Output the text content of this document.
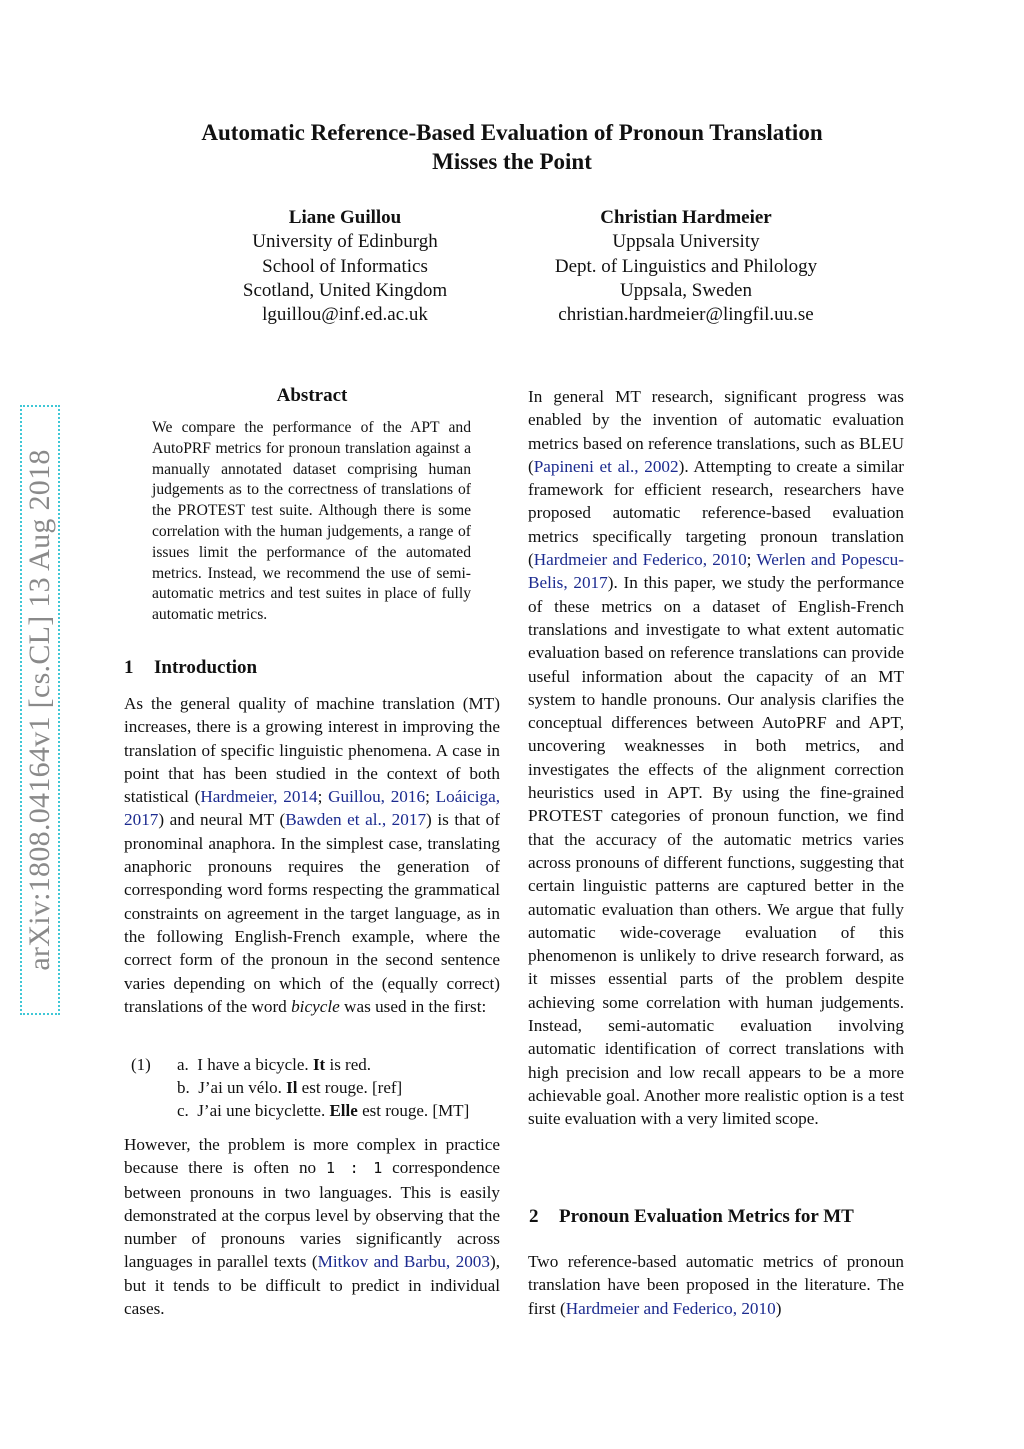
Automatic Reference-Based Evaluation of Pronoun Translation
Misses the Point
Liane Guillou
University of Edinburgh
School of Informatics
Scotland, United Kingdom
lguillou@inf.ed.ac.uk
Christian Hardmeier
Uppsala University
Dept. of Linguistics and Philology
Uppsala, Sweden
christian.hardmeier@lingfil.uu.se
arXiv:1808.04164v1 [cs.CL] 13 Aug 2018
Abstract
We compare the performance of the APT and AutoPRF metrics for pronoun translation against a manually annotated dataset comprising human judgements as to the correctness of translations of the PROTEST test suite. Although there is some correlation with the human judgements, a range of issues limit the performance of the automated metrics. Instead, we recommend the use of semi-automatic metrics and test suites in place of fully automatic metrics.
1 Introduction
As the general quality of machine translation (MT) increases, there is a growing interest in improving the translation of specific linguistic phenomena. A case in point that has been studied in the context of both statistical (Hardmeier, 2014; Guillou, 2016; Loáiciga, 2017) and neural MT (Bawden et al., 2017) is that of pronominal anaphora. In the simplest case, translating anaphoric pronouns requires the generation of corresponding word forms respecting the grammatical constraints on agreement in the target language, as in the following English-French example, where the correct form of the pronoun in the second sentence varies depending on which of the (equally correct) translations of the word bicycle was used in the first:
(1) a. I have a bicycle. It is red.
b. J’ai un vélo. Il est rouge. [ref]
c. J’ai une bicyclette. Elle est rouge. [MT]
However, the problem is more complex in practice because there is often no 1 : 1 correspondence between pronouns in two languages. This is easily demonstrated at the corpus level by observing that the number of pronouns varies significantly across languages in parallel texts (Mitkov and Barbu, 2003), but it tends to be difficult to predict in individual cases.
In general MT research, significant progress was enabled by the invention of automatic evaluation metrics based on reference translations, such as BLEU (Papineni et al., 2002). Attempting to create a similar framework for efficient research, researchers have proposed automatic reference-based evaluation metrics specifically targeting pronoun translation (Hardmeier and Federico, 2010; Werlen and Popescu-Belis, 2017). In this paper, we study the performance of these metrics on a dataset of English-French translations and investigate to what extent automatic evaluation based on reference translations can provide useful information about the capacity of an MT system to handle pronouns. Our analysis clarifies the conceptual differences between AutoPRF and APT, uncovering weaknesses in both metrics, and investigates the effects of the alignment correction heuristics used in APT. By using the fine-grained PROTEST categories of pronoun function, we find that the accuracy of the automatic metrics varies across pronouns of different functions, suggesting that certain linguistic patterns are captured better in the automatic evaluation than others. We argue that fully automatic wide-coverage evaluation of this phenomenon is unlikely to drive research forward, as it misses essential parts of the problem despite achieving some correlation with human judgements. Instead, semi-automatic evaluation involving automatic identification of correct translations with high precision and low recall appears to be a more achievable goal. Another more realistic option is a test suite evaluation with a very limited scope.
2 Pronoun Evaluation Metrics for MT
Two reference-based automatic metrics of pronoun translation have been proposed in the literature. The first (Hardmeier and Federico, 2010)
